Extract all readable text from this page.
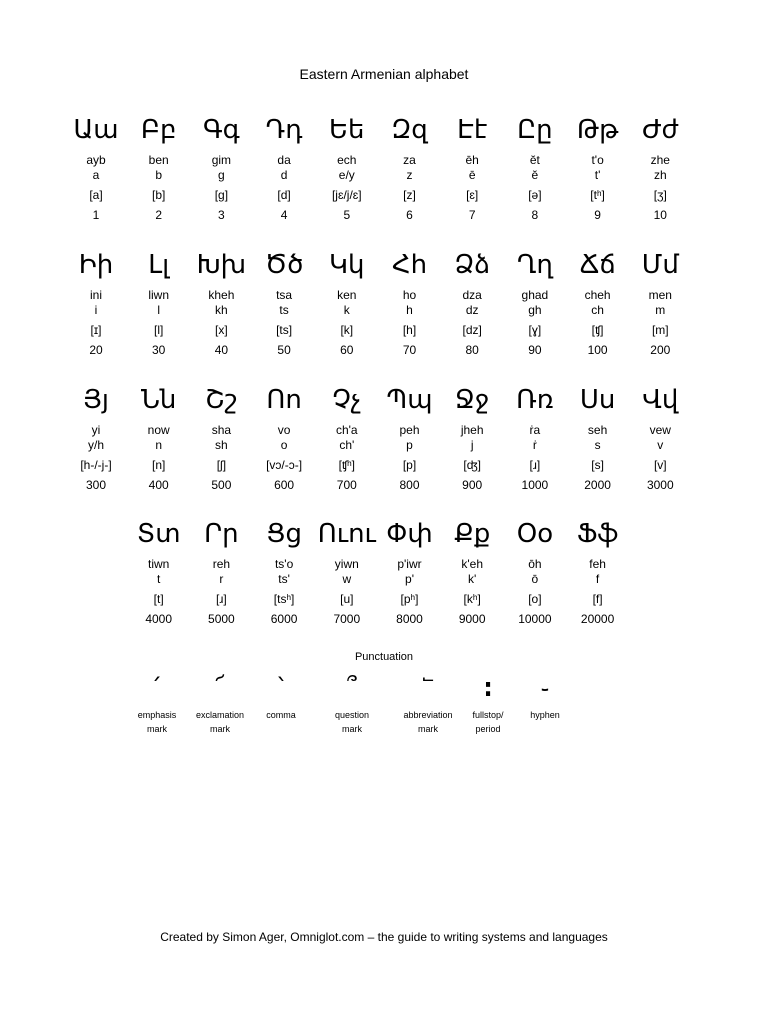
Eastern Armenian alphabet
Աա
ayb
a
[a]
1
Բբ
ben
b
[b]
2
Գգ
gim
g
[g]
3
Դդ
da
d
[d]
4
Եե
ech
e/y
[jɛ/j/ɛ]
5
Զզ
za
z
[z]
6
Էէ
ēh
ē
[ɛ]
7
Ըը
ĕt
ĕ
[ə]
8
Թթ
t'o
t'
[tʰ]
9
Ժժ
zhe
zh
[ʒ]
10
Իի
ini
i
[ɪ]
20
Լլ
liwn
l
[l]
30
Խխ
kheh
kh
[x]
40
Ծծ
tsa
ts
[ts]
50
Կկ
ken
k
[k]
60
Հհ
ho
h
[h]
70
Ձձ
dza
dz
[dz]
80
Ղղ
ghad
gh
[ɣ]
90
Ճճ
cheh
ch
[ʧ]
100
Մմ
men
m
[m]
200
Յյ
yi
y/h
[h-/-j-]
300
Նն
now
n
[n]
400
Շշ
sha
sh
[ʃ]
500
Ոո
vo
o
[vɔ/-ɔ-]
600
Չչ
ch'a
ch'
[ʧʰ]
700
Պպ
peh
p
[p]
800
Ջջ
jheh
j
[ʤ]
900
Ռռ
ṙa
ṙ
[ɹ]
1000
Սս
seh
s
[s]
2000
Վվ
vew
v
[v]
3000
Տտ
tiwn
t
[t]
4000
Րր
reh
r
[ɹ]
5000
Ցց
ts'o
ts'
[tsʰ]
6000
Ուու
yiwn
w
[u]
7000
Փփ
p'iwr
p'
[pʰ]
8000
Քք
k'eh
k'
[kʰ]
9000
Օօ
ōh
ō
[o]
10000
Ֆֆ
feh
f
[f]
20000
Punctuation
՛
emphasis
mark
՜
exclamation
mark
՝
comma
՞
question
mark
՟
abbreviation
mark
։
fullstop/
period
֊
hyphen
Created by Simon Ager, Omniglot.com – the guide to writing systems and languages
